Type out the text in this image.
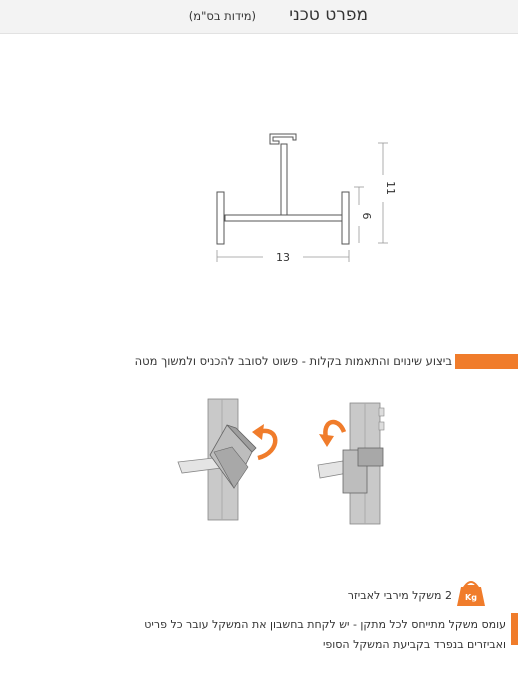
מפרט טכני
(מידות בס"מ)
13
11
6
ביצוע שינוים והתאמות בקלות - פשוט לסובב להכניס ולמשוך מטה
Kg
2 משקל מירבי לאביזר
עומס משקל מתייחס לכל מתקן - יש לקחת בחשבון את המשקל עובר כל פריט
ואביזרים בנפרד בקביעת המשקל הסופי
